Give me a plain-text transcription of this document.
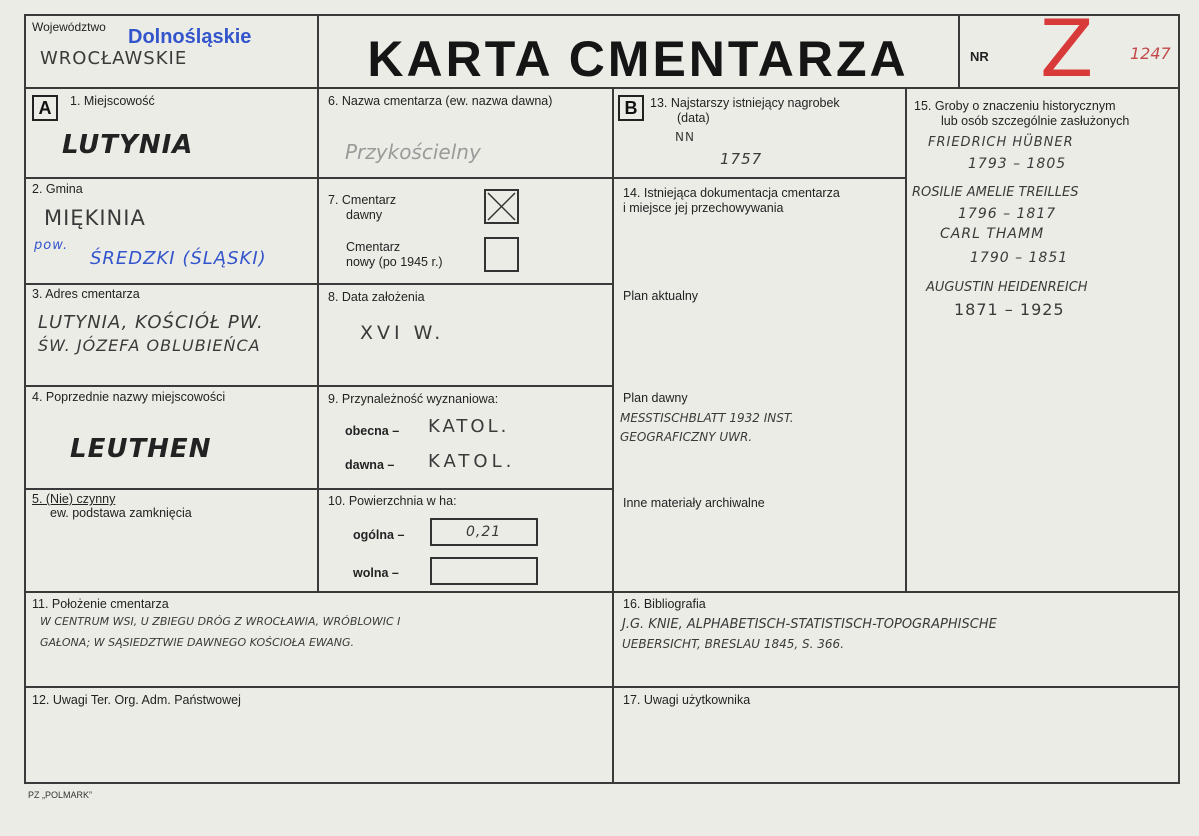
Województwo Dolnośląskie
WROCŁAWSKIE	KARTA CMENTARZA	NR Z 1247
A	1. Miejscowość
LUTYNIA
2. Gmina
MIĘKINIA
pow.
ŚREDZKI (ŚLĄSKI)
3. Adres cmentarza
LUTYNIA, KOŚCIÓŁ PW.
ŚW. JÓZEFA OBLUBIEŃCA
4. Poprzednie nazwy miejscowości
LEUTHEN
5. (Nie) czynny
ew. podstawa zamknięcia
6. Nazwa cmentarza (ew. nazwa dawna)
Przykościelny
7. Cmentarz
dawny
Cmentarz
nowy (po 1945 r.)
8. Data założenia
XVI W.
9. Przynależność wyznaniowa:
obecna – KATOL.
dawna – KATOL.
10. Powierzchnia w ha:
ogólna –	0,21
wolna –
B	13. Najstarszy istniejący nagrobek
(data)
NN
1757
14. Istniejąca dokumentacja cmentarza
i miejsce jej przechowywania
Plan aktualny
Plan dawny
MESSTISCHBLATT 1932 INST.
GEOGRAFICZNY UWR.
Inne materiały archiwalne
15. Groby o znaczeniu historycznym
lub osób szczególnie zasłużonych
FRIEDRICH HÜBNER
1793 – 1805
ROSILIE AMELIE TREILLES
1796 – 1817
CARL THAMM
1790 – 1851
AUGUSTIN HEIDENREICH
1871 – 1925
11. Położenie cmentarza
W CENTRUM WSI, U ZBIEGU DRÓG Z WROCŁAWIA, WRÓBLOWIC I
GAŁONA; W SĄSIEDZTWIE DAWNEGO KOŚCIOŁA EWANG.
16. Bibliografia
J.G. KNIE, ALPHABETISCH-STATISTISCH-TOPOGRAPHISCHE
UEBERSICHT, BRESLAU 1845, S. 366.
12. Uwagi Ter. Org. Adm. Państwowej	17. Uwagi użytkownika
PZ „POLMARK”
